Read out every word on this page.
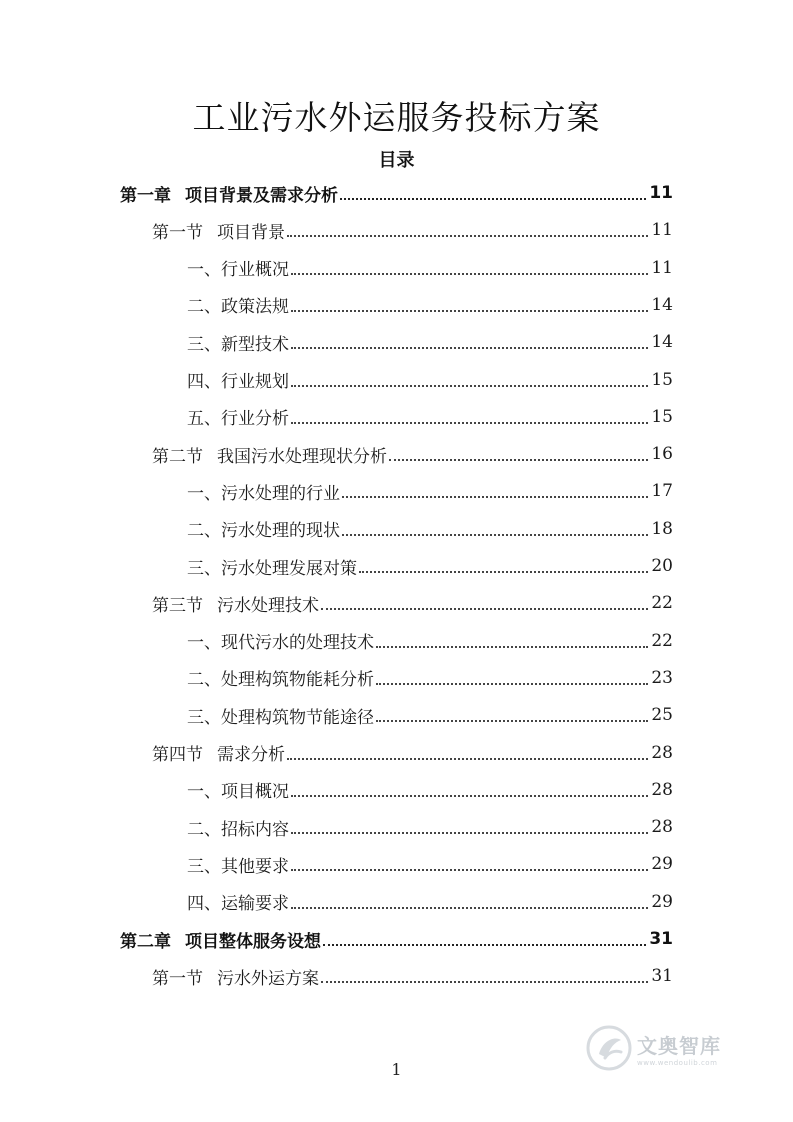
工业污水外运服务投标方案
目录
第一章 项目背景及需求分析	11
第一节 项目背景	11
一、行业概况	11
二、政策法规	14
三、新型技术	14
四、行业规划	15
五、行业分析	15
第二节 我国污水处理现状分析	16
一、污水处理的行业	17
二、污水处理的现状	18
三、污水处理发展对策	20
第三节 污水处理技术	22
一、现代污水的处理技术	22
二、处理构筑物能耗分析	23
三、处理构筑物节能途径	25
第四节 需求分析	28
一、项目概况	28
二、招标内容	28
三、其他要求	29
四、运输要求	29
第二章 项目整体服务设想	31
第一节 污水外运方案	31
1
文奥智库
www.wendoulib.com
